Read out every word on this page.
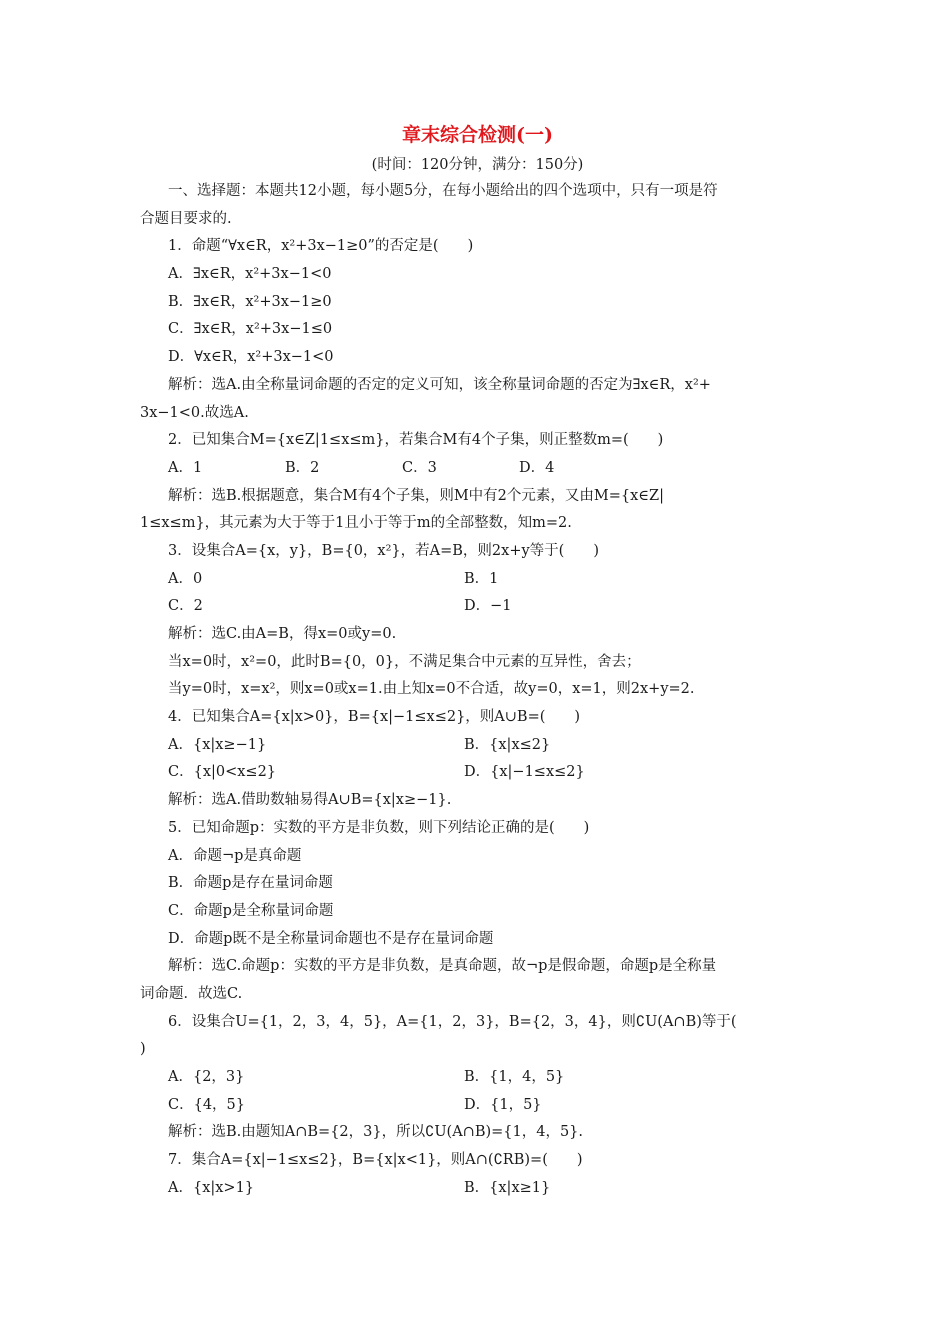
章末综合检测(一)
(时间：120分钟，满分：150分)
一、选择题：本题共12小题，每小题5分，在每小题给出的四个选项中，只有一项是符
合题目要求的.
1．命题“∀x∈R，x²+3x−1≥0”的否定是(　　)
A．∃x∈R，x²+3x−1<0
B．∃x∈R，x²+3x−1≥0
C．∃x∈R，x²+3x−1≤0
D．∀x∈R，x²+3x−1<0
解析：选A.由全称量词命题的否定的定义可知，该全称量词命题的否定为∃x∈R，x²+
3x−1<0.故选A.
2．已知集合M={x∈Z|1≤x≤m}，若集合M有4个子集，则正整数m=(　　)
A．1	B．2	C．3	D．4
解析：选B.根据题意，集合M有4个子集，则M中有2个元素，又由M={x∈Z|
1≤x≤m}，其元素为大于等于1且小于等于m的全部整数，知m=2.
3．设集合A={x，y}，B={0，x²}，若A=B，则2x+y等于(　　)
A．0	B．1
C．2	D．−1
解析：选C.由A=B，得x=0或y=0.
当x=0时，x²=0，此时B={0，0}，不满足集合中元素的互异性，舍去；
当y=0时，x=x²，则x=0或x=1.由上知x=0不合适，故y=0，x=1，则2x+y=2.
4．已知集合A={x|x>0}，B={x|−1≤x≤2}，则A∪B=(　　)
A．{x|x≥−1}	B．{x|x≤2}
C．{x|0<x≤2}	D．{x|−1≤x≤2}
解析：选A.借助数轴易得A∪B={x|x≥−1}.
5．已知命题p：实数的平方是非负数，则下列结论正确的是(　　)
A．命题¬p是真命题
B．命题p是存在量词命题
C．命题p是全称量词命题
D．命题p既不是全称量词命题也不是存在量词命题
解析：选C.命题p：实数的平方是非负数，是真命题，故¬p是假命题，命题p是全称量
词命题．故选C.
6．设集合U={1，2，3，4，5}，A={1，2，3}，B={2，3，4}，则∁U(A∩B)等于(
)
A．{2，3}	B．{1，4，5}
C．{4，5}	D．{1，5}
解析：选B.由题知A∩B={2，3}，所以∁U(A∩B)={1，4，5}.
7．集合A={x|−1≤x≤2}，B={x|x<1}，则A∩(∁RB)=(　　)
A．{x|x>1}	B．{x|x≥1}
